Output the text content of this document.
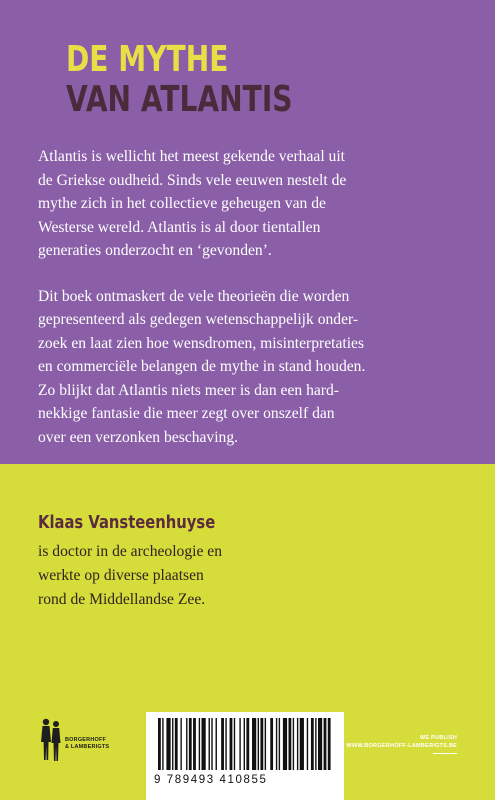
DE MYTHE
VAN ATLANTIS

Atlantis is wellicht het meest gekende verhaal uit
de Griekse oudheid. Sinds vele eeuwen nestelt de
mythe zich in het collectieve geheugen van de
Westerse wereld. Atlantis is al door tientallen
generaties onderzocht en ‘gevonden’.

Dit boek ontmaskert de vele theorieën die worden
gepresenteerd als gedegen wetenschappelijk onder-
zoek en laat zien hoe wensdromen, misinterpretaties
en commerciële belangen de mythe in stand houden.
Zo blijkt dat Atlantis niets meer is dan een hard-
nekkige fantasie die meer zegt over onszelf dan
over een verzonken beschaving.

Klaas Vansteenhuyse
is doctor in de archeologie en
werkte op diverse plaatsen
rond de Middellandse Zee.
BORGERHOFF
& LAMBERIGTS
9 789493 410855
WE PUBLISH
WWW.BORGERHOFF-LAMBERIGTS.BE
